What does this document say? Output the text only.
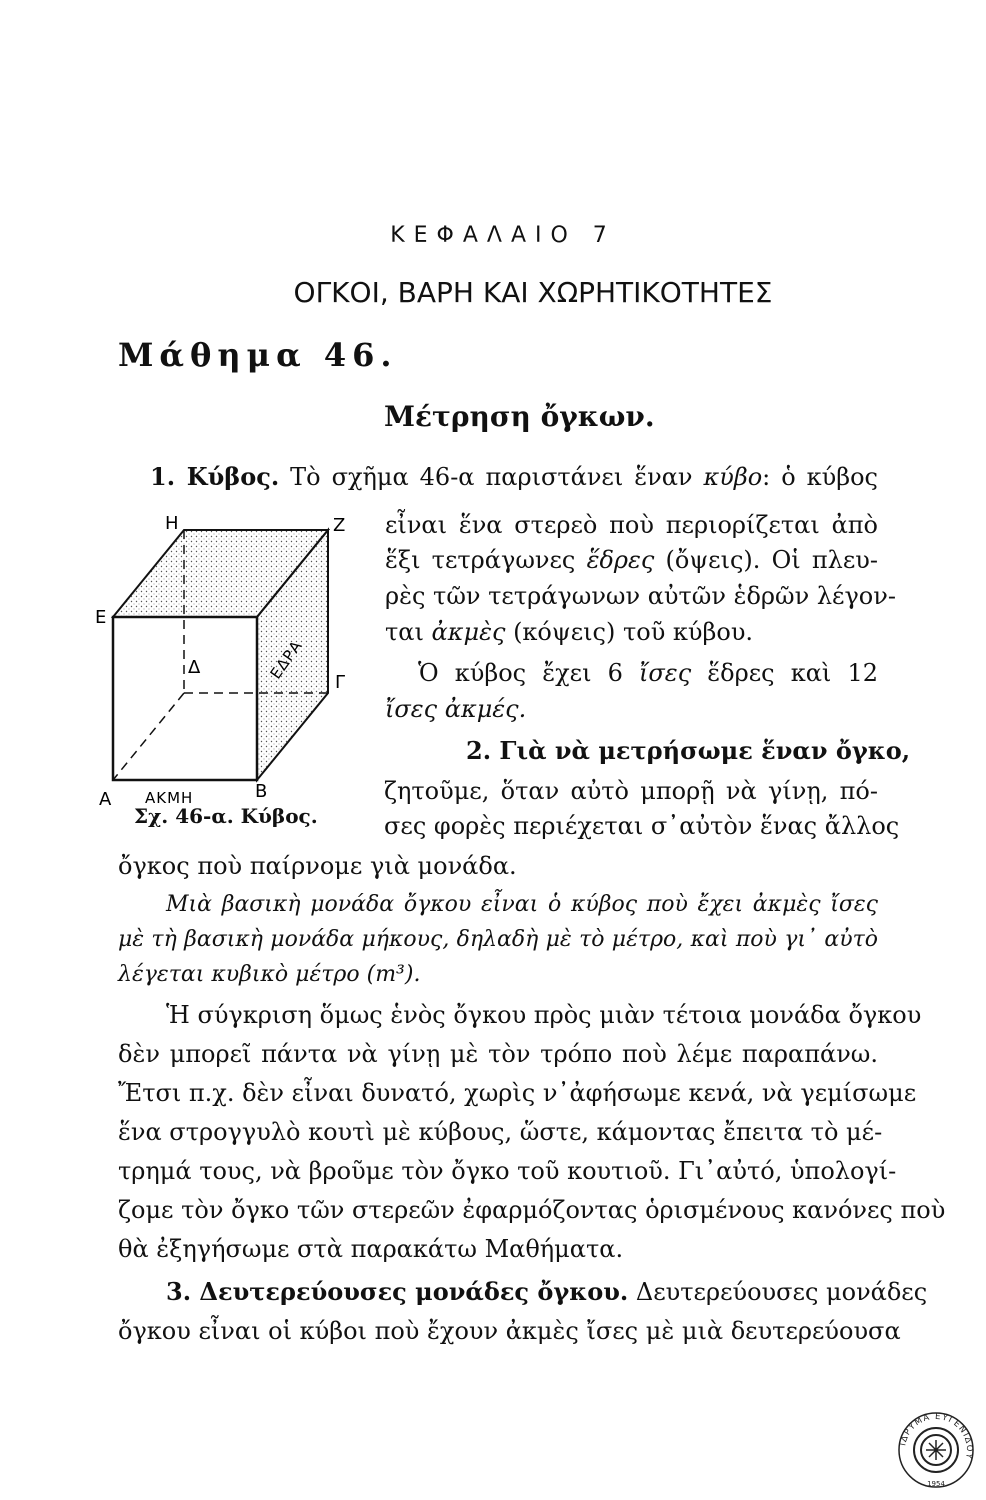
ΚΕΦΑΛΑΙΟ 7
ΟΓΚΟΙ, ΒΑΡΗ ΚΑΙ ΧΩΡΗΤΙΚΟΤΗΤΕΣ
Μάθημα 46.
Μέτρηση ὄγκων.
1. Κύβος. Τὸ σχῆμα 46-α παριστάνει ἕναν κύβο: ὁ κύβος
εἶναι ἕνα στερεὸ ποὺ περιορίζεται ἀπὸ
ἕξι τετράγωνες ἕδρες (ὄψεις). Οἱ πλευ-
ρὲς τῶν τετράγωνων αὐτῶν ἑδρῶν λέγον-
ται ἀκμὲς (κόψεις) τοῦ κύβου.
Ὁ κύβος ἔχει 6 ἴσες ἕδρες καὶ 12
ἴσες ἀκμές.
2. Γιὰ νὰ μετρήσωμε ἕναν ὄγκο,
ζητοῦμε, ὅταν αὐτὸ μπορῇ νὰ γίνῃ, πό-
σες φορὲς περιέχεται σ᾿αὐτὸν ἕνας ἄλλος
ὄγκος ποὺ παίρνομε γιὰ μονάδα.
Μιὰ βασικὴ μονάδα ὄγκου εἶναι ὁ κύβος ποὺ ἔχει ἀκμὲς ἴσες
μὲ τὴ βασικὴ μονάδα μήκους, δηλαδὴ μὲ τὸ μέτρο, καὶ ποὺ γι᾿ αὐτὸ
λέγεται κυβικὸ μέτρο (m³).
Ἡ σύγκριση ὅμως ἑνὸς ὄγκου πρὸς μιὰν τέτοια μονάδα ὄγκου
δὲν μπορεῖ πάντα νὰ γίνῃ μὲ τὸν τρόπο ποὺ λέμε παραπάνω.
Ἔτσι π.χ. δὲν εἶναι δυνατό, χωρὶς ν᾿ἀφήσωμε κενά, νὰ γεμίσωμε
ἕνα στρογγυλὸ κουτὶ μὲ κύβους, ὥστε, κάμοντας ἔπειτα τὸ μέ-
τρημά τους, νὰ βροῦμε τὸν ὄγκο τοῦ κουτιοῦ. Γι᾿αὐτό, ὑπολογί-
ζομε τὸν ὄγκο τῶν στερεῶν ἐφαρμόζοντας ὁρισμένους κανόνες ποὺ
θὰ ἐξηγήσωμε στὰ παρακάτω Μαθήματα.
3. Δευτερεύουσες μονάδες ὄγκου. Δευτερεύουσες μονάδες
ὄγκου εἶναι οἱ κύβοι ποὺ ἔχουν ἀκμὲς ἴσες μὲ μιὰ δευτερεύουσα
Η	Ζ
Ε
Δ
Γ
Α	Β
ΑΚΜΗ
ΕΔΡΑ
Σχ. 46-α. Κύβος.
ΙΔΡΥΜΑ ΕΥΓΕΝΙΔΟΥ
1954
